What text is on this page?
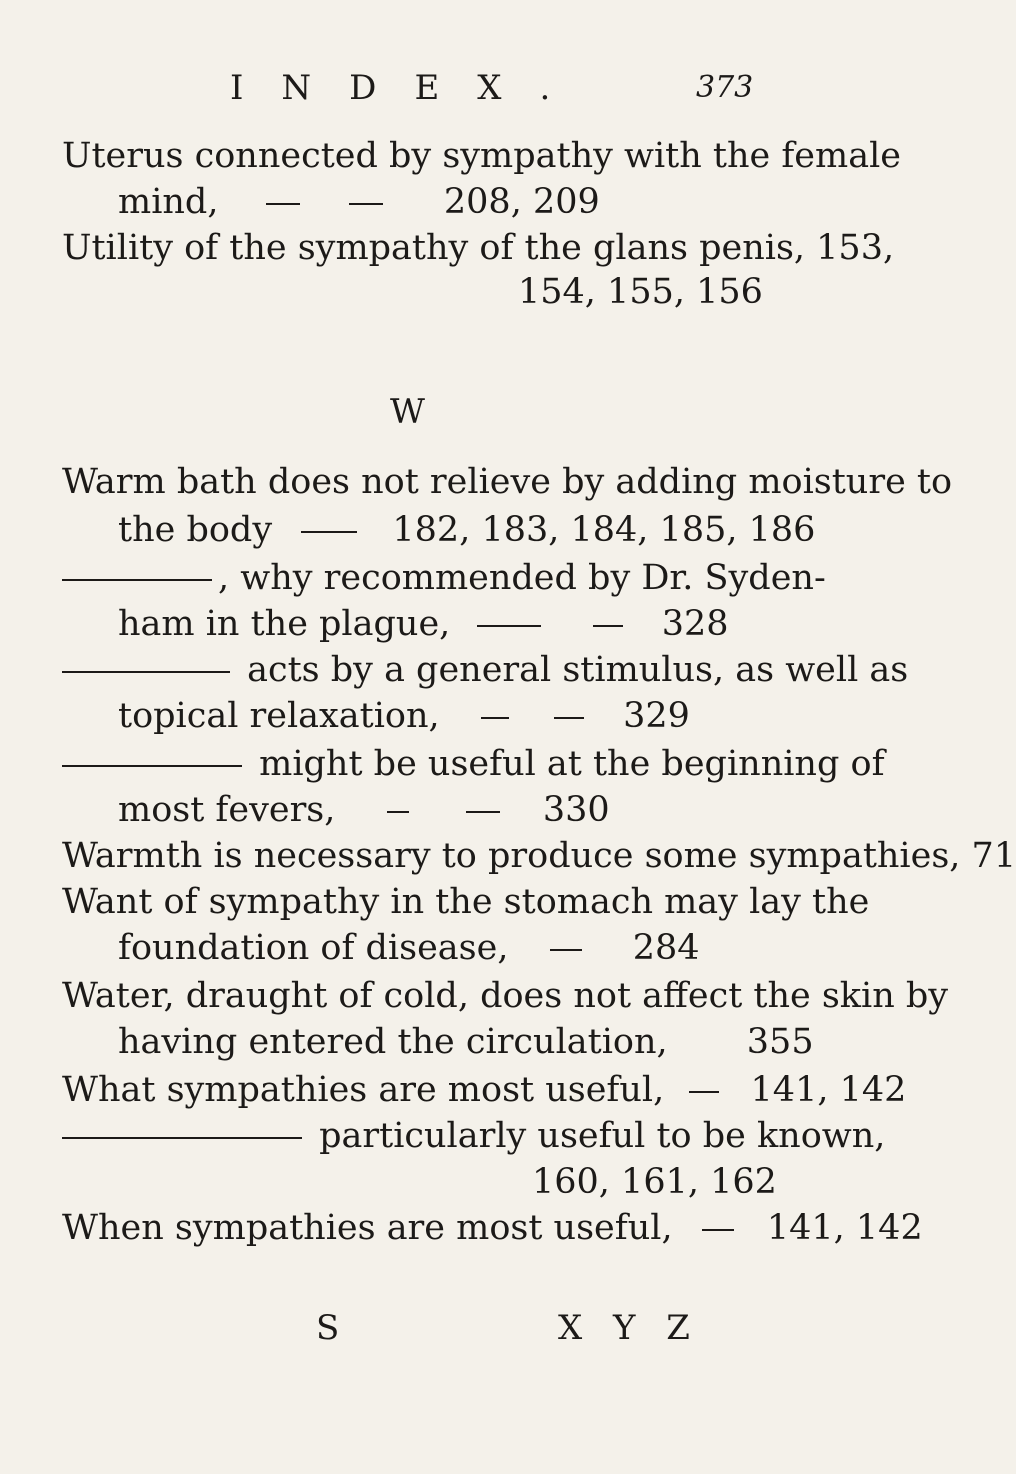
INDEX.	373
Uterus connected by sympathy with the female
mind,	208, 209
Utility of the sympathy of the glans penis, 153,
154, 155, 156
W
Warm bath does not relieve by adding moisture to
the body	182, 183, 184, 185, 186
, why recommended by Dr. Syden-
ham in the plague,	328
acts by a general stimulus, as well as
topical relaxation,	329
might be useful at the beginning of
most fevers,	330
Warmth is necessary to produce some sympathies, 71
Want of sympathy in the stomach may lay the
foundation of disease,	284
Water, draught of cold, does not affect the skin by
having entered the circulation, 355
What sympathies are most useful, 141, 142
particularly useful to be known,
160, 161, 162
When sympathies are most useful,	141, 142
S	X Y Z
